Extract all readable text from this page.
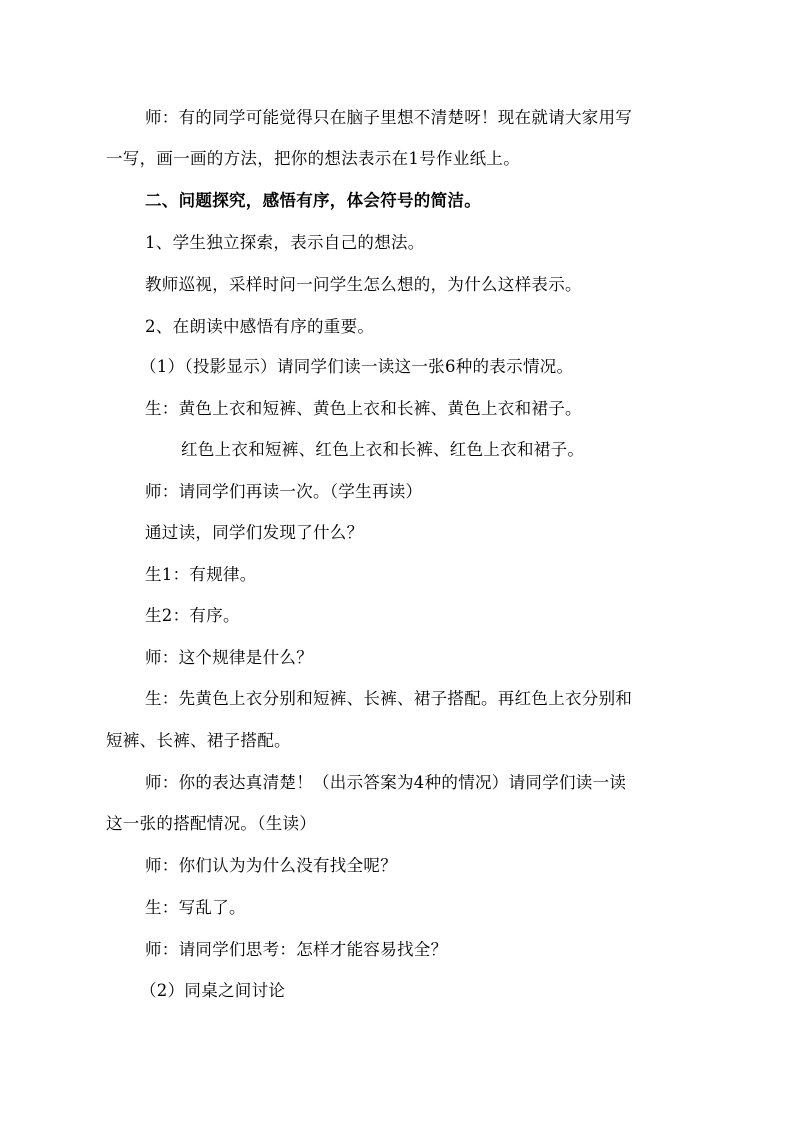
师：有的同学可能觉得只在脑子里想不清楚呀！现在就请大家用写
一写，画一画的方法，把你的想法表示在1号作业纸上。
二、问题探究，感悟有序，体会符号的简洁。
1、学生独立探索，表示自己的想法。
教师巡视，采样时问一问学生怎么想的，为什么这样表示。
2、在朗读中感悟有序的重要。
（1）（投影显示）请同学们读一读这一张6种的表示情况。
生：黄色上衣和短裤、黄色上衣和长裤、黄色上衣和裙子。
红色上衣和短裤、红色上衣和长裤、红色上衣和裙子。
师：请同学们再读一次。（学生再读）
通过读，同学们发现了什么？
生1：有规律。
生2：有序。
师：这个规律是什么？
生：先黄色上衣分别和短裤、长裤、裙子搭配。再红色上衣分别和
短裤、长裤、裙子搭配。
师：你的表达真清楚！（出示答案为4种的情况）请同学们读一读
这一张的搭配情况。（生读）
师：你们认为为什么没有找全呢？
生：写乱了。
师：请同学们思考：怎样才能容易找全？
（2）同桌之间讨论
